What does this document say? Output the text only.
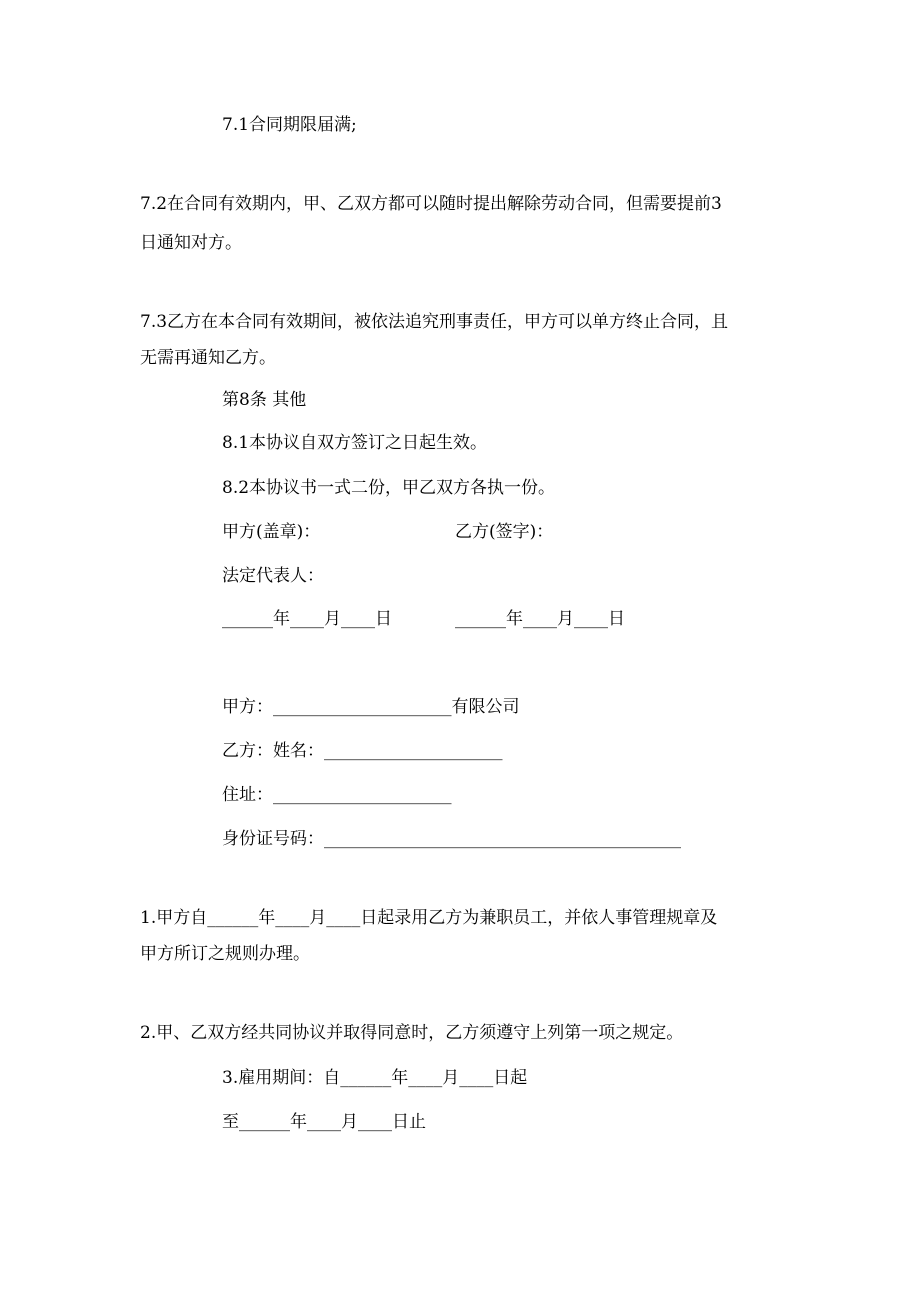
7.1合同期限届满;
7.2在合同有效期内，甲、乙双方都可以随时提出解除劳动合同，但需要提前3
日通知对方。
7.3乙方在本合同有效期间，被依法追究刑事责任，甲方可以单方终止合同，且
无需再通知乙方。
第8条 其他
8.1本协议自双方签订之日起生效。
8.2本协议书一式二份，甲乙双方各执一份。
甲方(盖章)：	乙方(签字)：
法定代表人：
______年____月____日	______年____月____日
甲方：_____________________有限公司
乙方：姓名：_____________________
住址：_____________________
身份证号码：__________________________________________
1.甲方自______年____月____日起录用乙方为兼职员工，并依人事管理规章及
甲方所订之规则办理。
2.甲、乙双方经共同协议并取得同意时，乙方须遵守上列第一项之规定。
3.雇用期间：自______年____月____日起
至______年____月____日止
